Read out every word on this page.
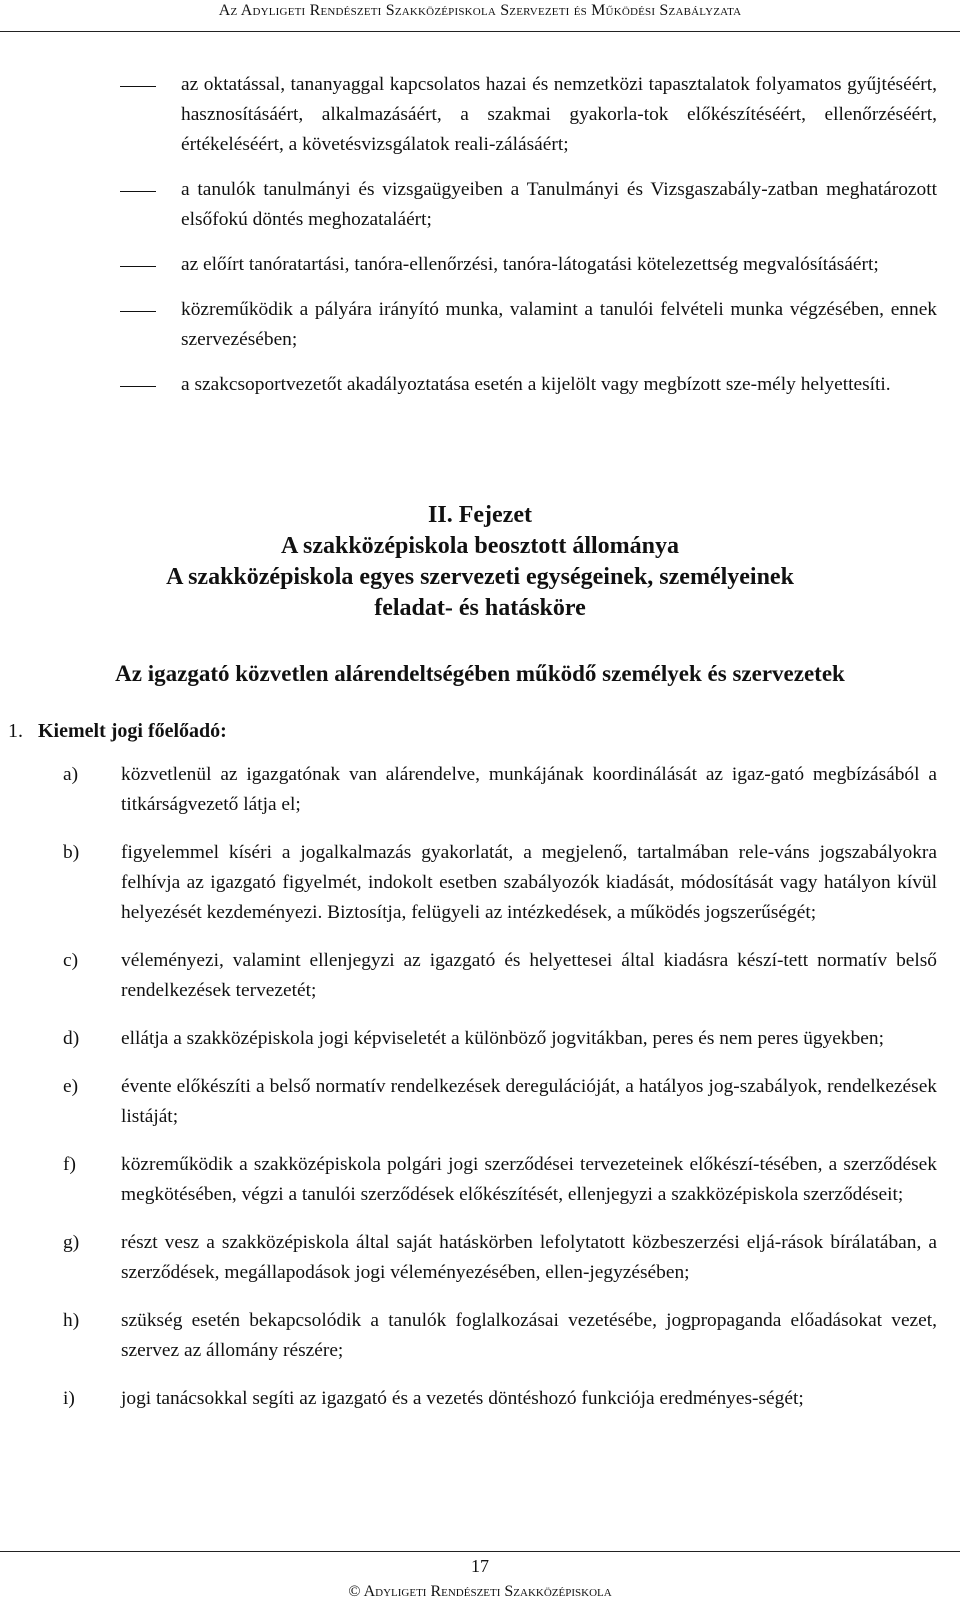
Az Adyligeti Rendészeti Szakközépiskola Szervezeti és Működési Szabályzata
az oktatással, tananyaggal kapcsolatos hazai és nemzetközi tapasztalatok folyamatos gyűjtéséért, hasznosításáért, alkalmazásáért, a szakmai gyakorla-tok előkészítéséért, ellenőrzéséért, értékeléséért, a követésvizsgálatok reali-zálásáért;
a tanulók tanulmányi és vizsgaügyeiben a Tanulmányi és Vizsgaszabály-zatban meghatározott elsőfokú döntés meghozataláért;
az előírt tanóratartási, tanóra-ellenőrzési, tanóra-látogatási kötelezettség megvalósításáért;
közreműködik a pályára irányító munka, valamint a tanulói felvételi munka végzésében, ennek szervezésében;
a szakcsoportvezetőt akadályoztatása esetén a kijelölt vagy megbízott sze-mély helyettesíti.
II. Fejezet
A szakközépiskola beosztott állománya
A szakközépiskola egyes szervezeti egységeinek, személyeinek
feladat- és hatásköre
Az igazgató közvetlen alárendeltségében működő személyek és szervezetek
1. Kiemelt jogi főelőadó:
a) közvetlenül az igazgatónak van alárendelve, munkájának koordinálását az igaz-gató megbízásából a titkárságvezető látja el;
b) figyelemmel kíséri a jogalkalmazás gyakorlatát, a megjelenő, tartalmában rele-váns jogszabályokra felhívja az igazgató figyelmét, indokolt esetben szabályozók kiadását, módosítását vagy hatályon kívül helyezését kezdeményezi. Biztosítja, felügyeli az intézkedések, a működés jogszerűségét;
c) véleményezi, valamint ellenjegyzi az igazgató és helyettesei által kiadásra készí-tett normatív belső rendelkezések tervezetét;
d) ellátja a szakközépiskola jogi képviseletét a különböző jogvitákban, peres és nem peres ügyekben;
e) évente előkészíti a belső normatív rendelkezések deregulációját, a hatályos jog-szabályok, rendelkezések listáját;
f) közreműködik a szakközépiskola polgári jogi szerződései tervezeteinek előkészí-tésében, a szerződések megkötésében, végzi a tanulói szerződések előkészítését, ellenjegyzi a szakközépiskola szerződéseit;
g) részt vesz a szakközépiskola által saját hatáskörben lefolytatott közbeszerzési eljá-rások bírálatában, a szerződések, megállapodások jogi véleményezésében, ellen-jegyzésében;
h) szükség esetén bekapcsolódik a tanulók foglalkozásai vezetésébe, jogpropaganda előadásokat vezet, szervez az állomány részére;
i) jogi tanácsokkal segíti az igazgató és a vezetés döntéshozó funkciója eredményes-ségét;
17
© Adyligeti Rendészeti Szakközépiskola
